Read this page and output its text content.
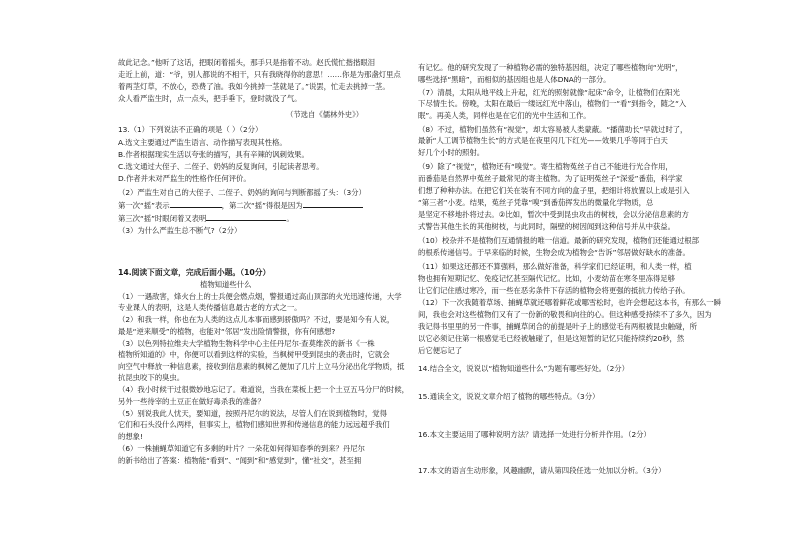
故此记念。”他听了这话，把眼闭着摇头，那手只是指着不动。赵氏慌忙揩揩眼泪
走近上前，道：“爷，别人都说的不相干，只有我晓得你的意思！……你是为那盏灯里点
着两茎灯草，不放心，恐费了油。我如今挑掉一茎就是了。”说罢，忙走去挑掉一茎。
众人看严监生时，点一点头，把手垂下，登时就没了气。
（节选自《儒林外史》）
13.（1）下列说法不正确的项是（ ）（2分）
A.选文主要通过严监生语言、动作描写表现其性格。
B.作者根据现实生活以夸张的描写，具有辛辣的讽刺效果。
C.选文通过大侄子、二侄子、奶妈的反复询问，引起读者思考。
D.作者并未对严监生的性格作任何评价。
（2）严监生对自己的大侄子、二侄子、奶妈的询问与判断都摇了头：（3分）
第一次“摇”表示	，第二次“摇”得很是因为
第三次“摇”时眼闭着又表明	。
（3）为什么严监生总不断气?（2分）
14.阅读下面文章，完成后面小题。（10分）
植物知道些什么
（1）一遇敌害，烽火台上的士兵便会燃点烟，警报通过高山顶部的火光迅速传递，大学
专业课人的表明，这是人类传播信息最古老的方式之一。
（2）和我一样，你也在为人类的这点儿本事而感到骄傲吗？不过，要是知今有人说，
最是“逆来顺受”的植物，也能对“邻居”发出险情警报，你有何感想?
（3）以色列特拉维夫大学植物生物科学中心主任丹尼尔·查莫维茨的新书《一株
植物所知道的》中，你便可以看到这样的实验，当枫树甲受到昆虫的袭击时，它就会
向空气中释放一种信息素，接收到信息素的枫树乙便加了几片上立马分泌出化学物质，抵
抗昆虫咬下的臭虫。
（4）我小时候干过很微妙地忘记了。难道说，当我在菜板上把一个土豆五马分尸的时候，
另外一些待宰的土豆正在做好毒杀我的准备？
（5）别说我此人忧天，要知道，按照丹尼尔的说法，尽管人们在说到植物时，觉得
它们和石头没什么两样，但事实上，植物们感知世界和传递信息的能力远远超乎我们
的想象!
（6）一株捕蝇草知道它有多剩的叶片？一朵花如何得知春季的到来？丹尼尔
的新书给出了答案：植物能“看到”、“闻到”和“感觉到”，懂“社交”，甚至拥
有记忆。他的研究发现了一种植物必需的独特基因组，决定了哪些植物向“光明”，
哪些选择“黑暗”，而相似的基因组也是人体DNA的一部分。
（7）清晨，太阳从地平线上升起，红光的照射就像“起床”命令，让植物们在阳光
下尽情生长。傍晚，太阳在最后一缕远红光中落山，植物们一“看”到指令，随之“入
眠”。再美人类，同样也是在它们的光中生活和工作。
（8）不过，植物们虽然有“视觉”，却太容易被人类蒙蔽。“播菌助长”早就过时了，
最新“人工调节植物生长”的方式是在夜里闪几下红光——效果几乎等同于白天
好几个小时的照射。
（9）除了“视觉”，植物还有“嗅觉”。寄生植物菟丝子自己不能进行光合作用，
而番茄是自然界中菟丝子最常见的寄主植物。为了证明菟丝子“深爱”番茄，科学家
们想了种种办法。在把它们关在装有不同方向的盒子里，把细计将放置以上或是引入
“第三者”小麦。结果，菟丝子凭靠“嗅”到番茄挥发出的微量化学物质，总
是坚定不移地扑将过去。②比如，暂次中受到昆虫攻击的树枝，会以分泌信息素的方
式警告其他生长的其他树枝，与此同时，隔壁的树因闻到这种信号并从中获益。
（10）校杂并不是植物们互通情报的唯一信道。最新的研究发现，植物们还能通过根部
的根系传递信号。于早来临的时候，生物会成为植物会“告诉”邻居做好缺水的准备。
（11）如果这还都还不算强料，那么做好准备，科学家们已经证明，和人类一样，植
物也拥有短期记忆、免疫记忆甚至隔代记忆。比如，小麦幼苗在寒冬里冻得足够
让它们记住感过寒冷，而一些在恶劣条件下存活的植物会将更强的抵抗力传给子孙。
（12）下一次我随着草场、捕蝇草就还哪着鲜花或哪雪松时，也许会想起这本书，有那么一瞬
间，我也会对这些植物们又有了一份新的敬畏和向往的心。但这种感受持续不了多久，因为
我记得书里里的另一件事，捕蝇草闭合的前提是叶子上的感觉毛有两根被昆虫触碰，所
以它必须记住第一根感觉毛已经被触碰了，但是这短暂的记忆只能持续约20秒，然
后它便忘记了
14.结合全文，说说以“植物知道些什么”为题有哪些好处。（2分）
15.通读全文，说说文章介绍了植物的哪些特点。（3分）
16.本文主要运用了哪种说明方法？请选择一处进行分析并作用。（2分）
17.本文的语言生动形象，风趣幽默，请从第四段任选一处加以分析。（3分）
